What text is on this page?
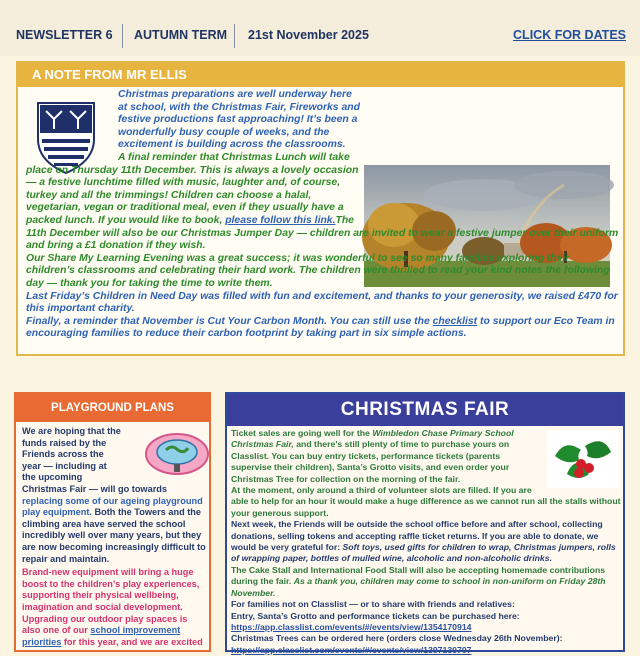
NEWSLETTER 6 AUTUMN TERM 21st November 2025	CLICK FOR DATES
A NOTE FROM MR ELLIS

Christmas preparations are well underway here at school, with the Christmas Fair, Fireworks and festive productions fast approaching! It’s been a wonderfully busy couple of weeks, and the excitement is building across the classrooms.

A final reminder that Christmas Lunch will take place on Thursday 11th December. This is always a lovely occasion — a festive lunchtime filled with music, laughter and, of course, turkey and all the trimmings! Children can choose a halal, vegetarian, vegan or traditional meal, even if they usually have a packed lunch. If you would like to book, please follow this link.The 11th December will also be our Christmas Jumper Day — children are invited to wear a festive jumper over their uniform and bring a £1 donation if they wish.

Our Share My Learning Evening was a great success; it was wonderful to see so many families exploring their children’s classrooms and celebrating their hard work. The children were thrilled to read your kind notes the following day — thank you for taking the time to write them.

Last Friday’s Children in Need Day was filled with fun and excitement, and thanks to your generosity, we raised £470 for this important charity.

Finally, a reminder that November is Cut Your Carbon Month. You can still use the checklist to support our Eco Team in encouraging families to reduce their carbon footprint by taking part in six simple actions.

PLAYGROUND PLANS
We are hoping that the funds raised by the Friends across the year — including at the upcoming Christmas Fair — will go towards replacing some of our ageing playground play equipment. Both the Towers and the climbing area have served the school incredibly well over many years, but they are now becoming increasingly difficult to repair and maintain.

Brand-new equipment will bring a huge boost to the children’s play experiences, supporting their physical wellbeing, imagination and social development. Upgrading our outdoor play spaces is also one of our school improvement priorities for this year, and we are excited

CHRISTMAS FAIR

Ticket sales are going well for the Wimbledon Chase Primary School Christmas Fair, and there’s still plenty of time to purchase yours on Classlist. You can buy entry tickets, performance tickets (parents supervise their children), Santa’s Grotto visits, and even order your Christmas Tree for collection on the morning of the fair.

At the moment, only around a third of volunteer slots are filled. If you are able to help for an hour it would make a huge difference as we cannot run all the stalls without your generous support.

Next week, the Friends will be outside the school office before and after school, collecting donations, selling tokens and accepting raffle ticket returns. If you are able to donate, we would be very grateful for: Soft toys, used gifts for children to wrap, Christmas jumpers, rolls of wrapping paper, bottles of mulled wine, alcoholic and non-alcoholic drinks.

The Cake Stall and International Food Stall will also be accepting homemade contributions during the fair. As a thank you, children may come to school in non-uniform on Friday 28th November.

For families not on Classlist — or to share with friends and relatives:

Entry, Santa’s Grotto and performance tickets can be purchased here:

https://app.classlist.com/events/#/events/view/1354170914

Christmas Trees can be ordered here (orders close Wednesday 26th November):

https://app.classlist.com/events/#/events/view/1397130707
